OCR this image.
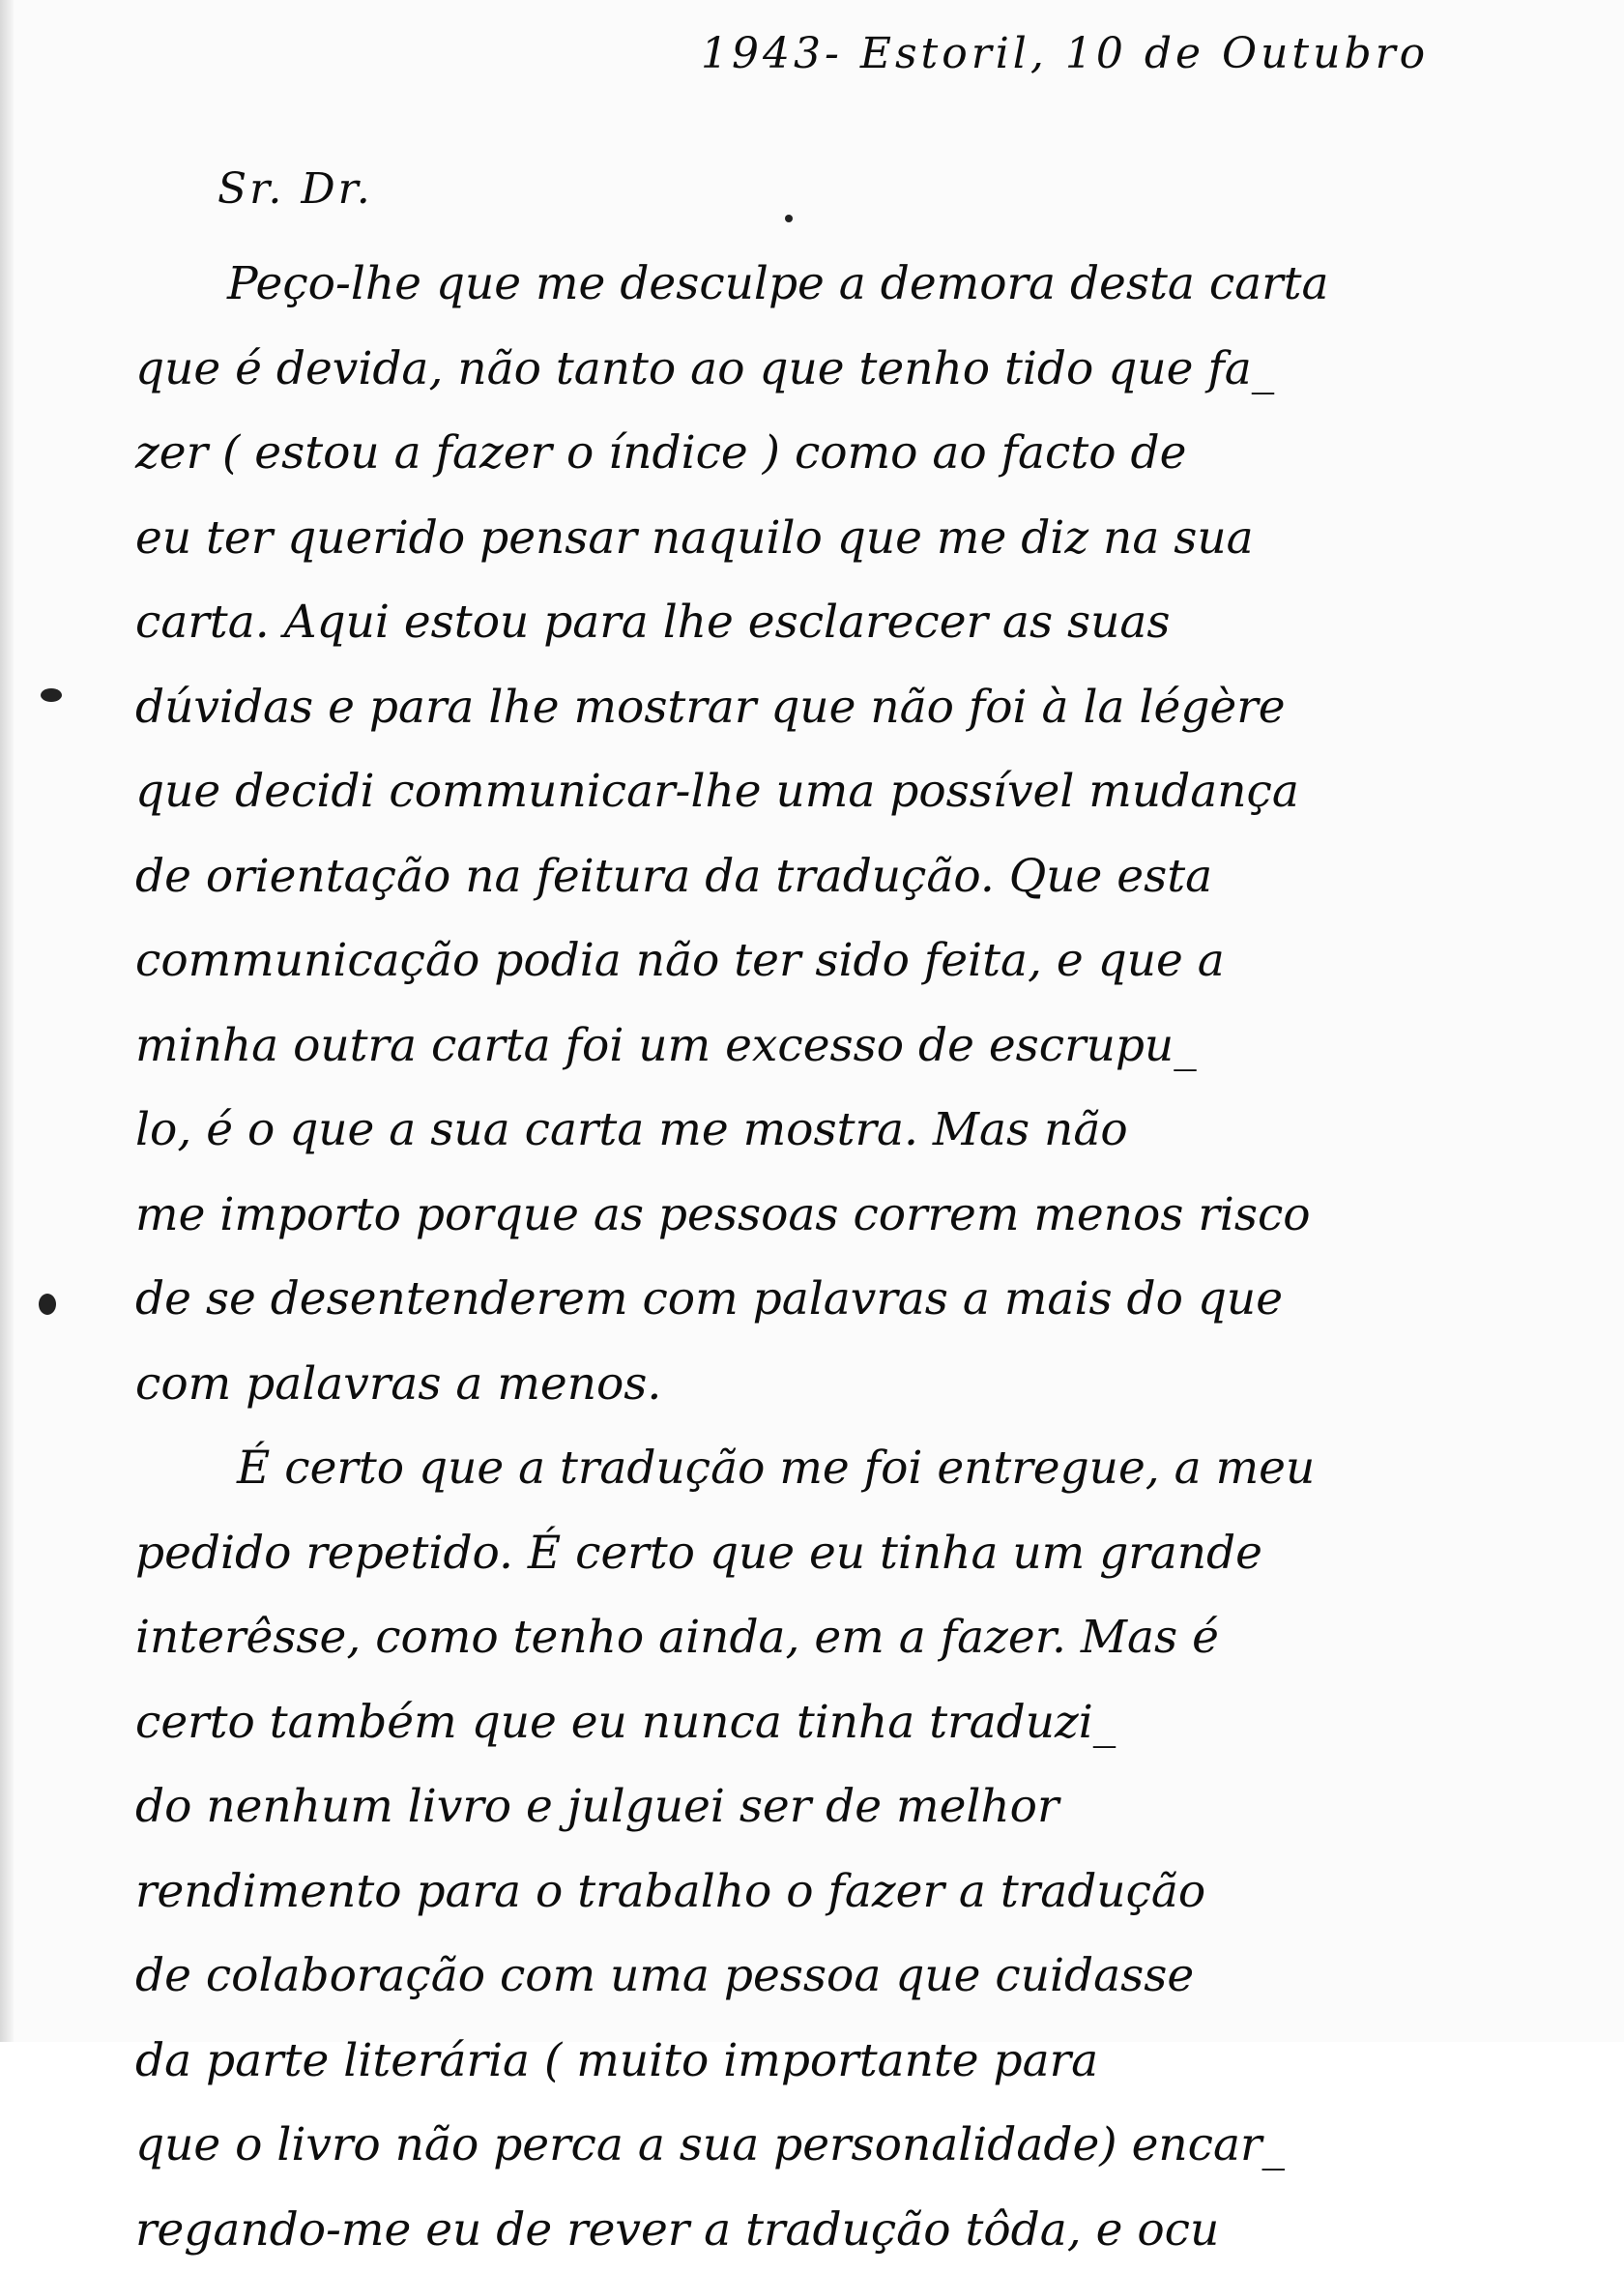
1943- Estoril, 10 de Outubro
Sr. Dr.
Peço-lhe que me desculpe a demora desta carta
que é devida, não tanto ao que tenho tido que fa_
zer ( estou a fazer o índice ) como ao facto de
eu ter querido pensar naquilo que me diz na sua
carta. Aqui estou para lhe esclarecer as suas
dúvidas e para lhe mostrar que não foi à la légère
que decidi communicar-lhe uma possível mudança
de orientação na feitura da tradução. Que esta
communicação podia não ter sido feita, e que a
minha outra carta foi um excesso de escrupu_
lo, é o que a sua carta me mostra. Mas não
me importo porque as pessoas correm menos risco
de se desentenderem com palavras a mais do que
com palavras a menos.
É certo que a tradução me foi entregue, a meu
pedido repetido. É certo que eu tinha um grande
interêsse, como tenho ainda, em a fazer. Mas é
certo também que eu nunca tinha traduzi_
do nenhum livro e julguei ser de melhor
rendimento para o trabalho o fazer a tradução
de colaboração com uma pessoa que cuidasse
da parte literária ( muito importante para
que o livro não perca a sua personalidade) encar_
regando-me eu de rever a tradução tôda, e ocu
